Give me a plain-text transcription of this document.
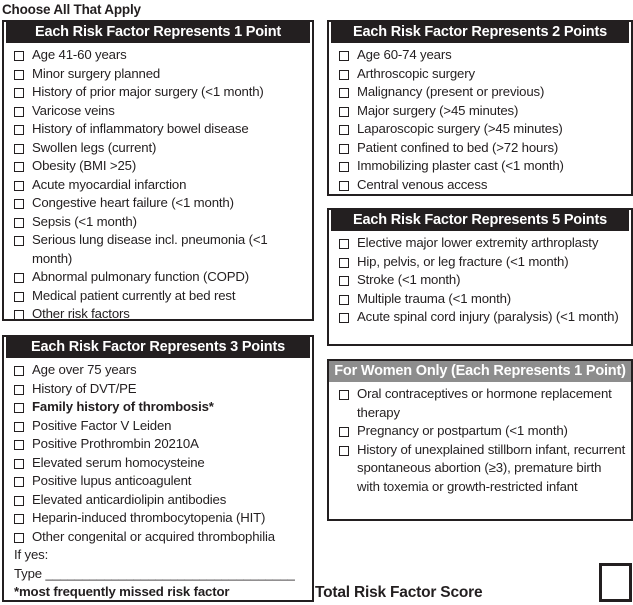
Choose All That Apply
Each Risk Factor Represents 1 Point
Age 41-60 years
Minor surgery planned
History of prior major surgery (<1 month)
Varicose veins
History of inflammatory bowel disease
Swollen legs (current)
Obesity (BMI >25)
Acute myocardial infarction
Congestive heart failure (<1 month)
Sepsis (<1 month)
Serious lung disease incl. pneumonia (<1 month)
Abnormal pulmonary function (COPD)
Medical patient currently at bed rest
Other risk factors _____________________
Each Risk Factor Represents 3 Points
Age over 75 years
History of DVT/PE
Family history of thrombosis*
Positive Factor V Leiden
Positive Prothrombin 20210A
Elevated serum homocysteine
Positive lupus anticoagulent
Elevated anticardiolipin antibodies
Heparin-induced thrombocytopenia (HIT)
Other congenital or acquired thrombophilia
If yes:
Type __________________________________
*most frequently missed risk factor
Each Risk Factor Represents 2 Points
Age 60-74 years
Arthroscopic surgery
Malignancy (present or previous)
Major surgery (>45 minutes)
Laparoscopic surgery (>45 minutes)
Patient confined to bed (>72 hours)
Immobilizing plaster cast (<1 month)
Central venous access
Each Risk Factor Represents 5 Points
Elective major lower extremity arthroplasty
Hip, pelvis, or leg fracture (<1 month)
Stroke (<1 month)
Multiple trauma (<1 month)
Acute spinal cord injury (paralysis) (<1 month)
For Women Only (Each Represents 1 Point)
Oral contraceptives or hormone replacement therapy
Pregnancy or postpartum (<1 month)
History of unexplained stillborn infant, recurrent spontaneous abortion (≥3), premature birth with toxemia or growth-restricted infant
Total Risk Factor Score
